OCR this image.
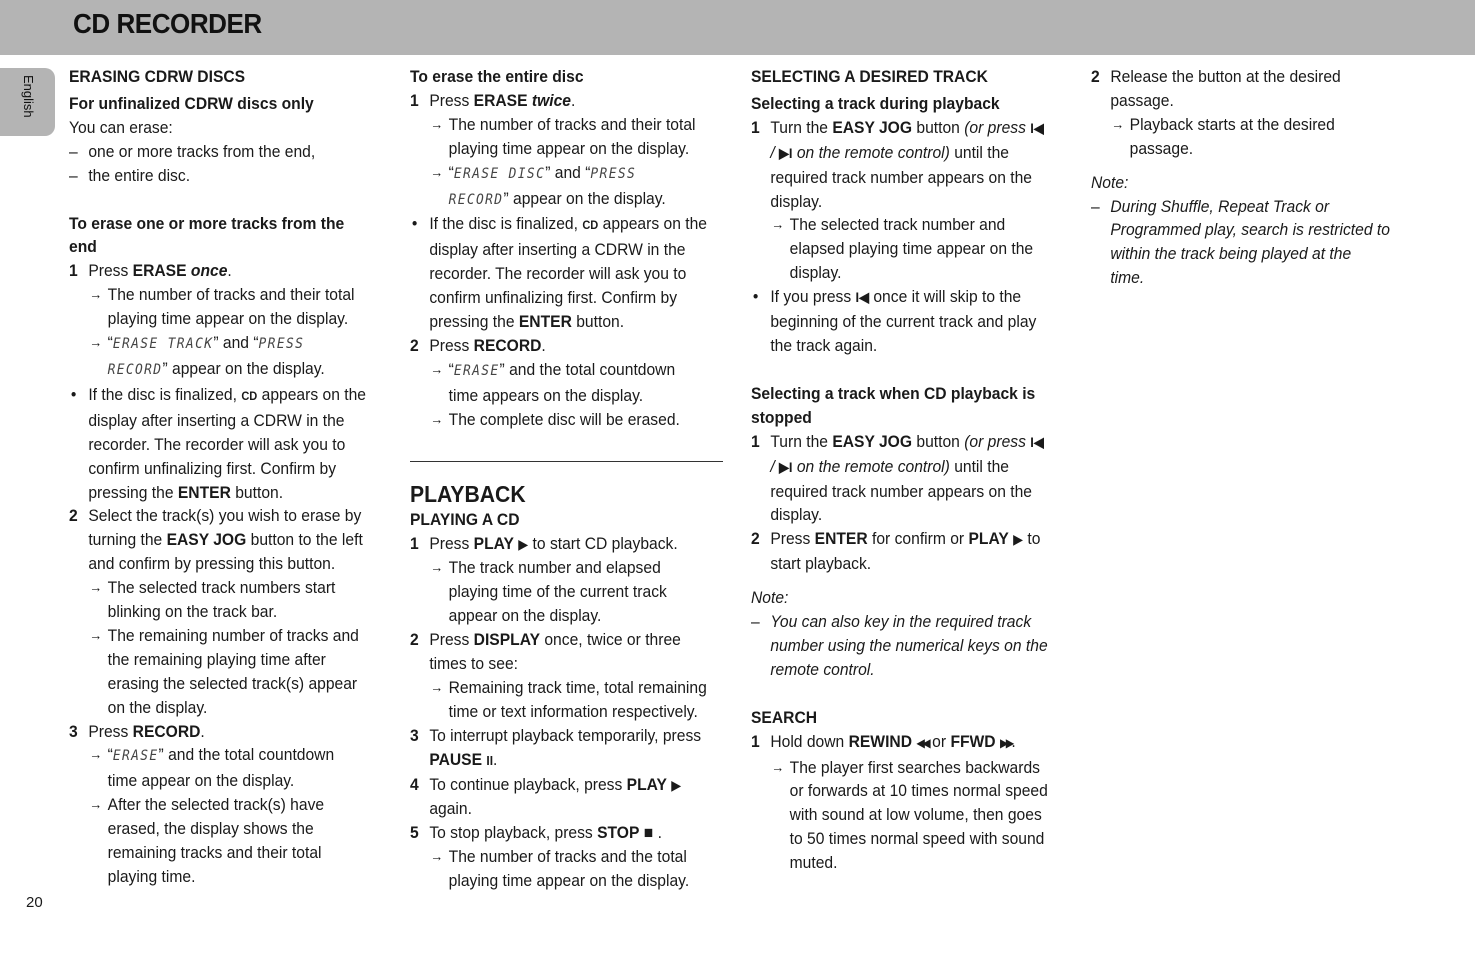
CD RECORDER
English
20

ERASING CDRW DISCS

For unfinalized CDRW discs only

You can erase:

– one or more tracks from the end,

– the entire disc.

To erase one or more tracks from the
end

1 Press ERASE once.

→ The number of tracks and their total
playing time appear on the display.

→ “ERASE TRACK” and “PRESS
RECORD” appear on the display.

• If the disc is finalized, CD appears on the
display after inserting a CDRW in the
recorder. The recorder will ask you to
confirm unfinalizing first. Confirm by
pressing the ENTER button.

2 Select the track(s) you wish to erase by
turning the EASY JOG button to the left
and confirm by pressing this button.

→ The selected track numbers start
blinking on the track bar.

→ The remaining number of tracks and
the remaining playing time after
erasing the selected track(s) appear
on the display.

3 Press RECORD.

→ “ERASE” and the total countdown
time appear on the display.

→ After the selected track(s) have
erased, the display shows the
remaining tracks and their total
playing time.

To erase the entire disc

1 Press ERASE twice.

→ The number of tracks and their total
playing time appear on the display.

→ “ERASE DISC” and “PRESS
RECORD” appear on the display.

• If the disc is finalized, CD appears on the
display after inserting a CDRW in the
recorder. The recorder will ask you to
confirm unfinalizing first. Confirm by
pressing the ENTER button.

2 Press RECORD.

→ “ERASE” and the total countdown
time appears on the display.

→ The complete disc will be erased.

PLAYBACK

PLAYING A CD

1 Press PLAY ▶ to start CD playback.

→ The track number and elapsed
playing time of the current track
appear on the display.

2 Press DISPLAY once, twice or three
times to see:

→ Remaining track time, total remaining
time or text information respectively.

3 To interrupt playback temporarily, press
PAUSE II.

4 To continue playback, press PLAY ▶
again.

5 To stop playback, press STOP ■ .

→ The number of tracks and the total
playing time appear on the display.

SELECTING A DESIRED TRACK

Selecting a track during playback

1 Turn the EASY JOG button (or press I◀
/ ▶I on the remote control) until the
required track number appears on the
display.

→ The selected track number and
elapsed playing time appear on the
display.

• If you press I◀ once it will skip to the
beginning of the current track and play
the track again.

Selecting a track when CD playback is
stopped

1 Turn the EASY JOG button (or press I◀
/ ▶I on the remote control) until the
required track number appears on the
display.

2 Press ENTER for confirm or PLAY ▶ to
start playback.

Note:

– You can also key in the required track
number using the numerical keys on the
remote control.

SEARCH

1 Hold down REWIND ◀◀ or FFWD ▶▶.

→ The player first searches backwards
or forwards at 10 times normal speed
with sound at low volume, then goes
to 50 times normal speed with sound
muted.

2 Release the button at the desired
passage.

→ Playback starts at the desired
passage.

Note:

– During Shuffle, Repeat Track or
Programmed play, search is restricted to
within the track being played at the
time.
